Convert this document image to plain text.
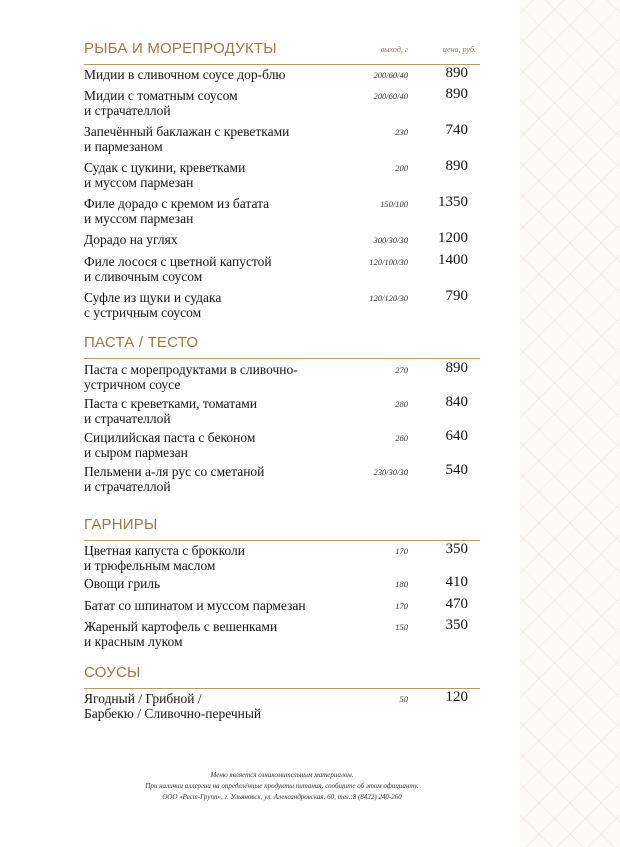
РЫБА И МОРЕПРОДУКТЫ	выход, г	цена, руб.
Мидии в сливочном соусе дор-блю	200/60/40	890
Мидии с томатным соусом
и страчателлой
200/60/40	890
Запечённый баклажан с креветками
и пармезаном
230	740
Судак с цукини, креветками
и муссом пармезан
200	890
Филе дорадо с кремом из батата
и муссом пармезан
150/100 1350
Дорадо на углях	300/30/30 1200
Филе лосося с цветной капустой
и сливочным соусом
120/100/30 1400
Суфле из щуки и судака
с устричным соусом
120/120/30	790
ПАСТА / ТЕСТО
Паста с морепродуктами в сливочно-
устричном соусе
270	890
Паста с креветками, томатами
и страчателлой
280	840
Сицилийская паста с беконом
и сыром пармезан
260	640
Пельмени а-ля рус со сметаной
и страчателлой
230/30/30	540
ГАРНИРЫ
Цветная капуста с брокколи
и трюфельным маслом
170	350
Овощи гриль	180	410
Батат со шпинатом и муссом пармезан	170	470
Жареный картофель с вешенками
и красным луком
150	350
СОУСЫ
Ягодный / Грибной /
Барбекю / Сливочно-перечный
50	120
Меню является ознакомительным материалом.
При наличии аллергии на определённые продукты питания, сообщите об этом официанту.
ООО «Рест-Групп», г. Ульяновск, ул. Александровская, 60, тел.:8 (8422) 240-260
